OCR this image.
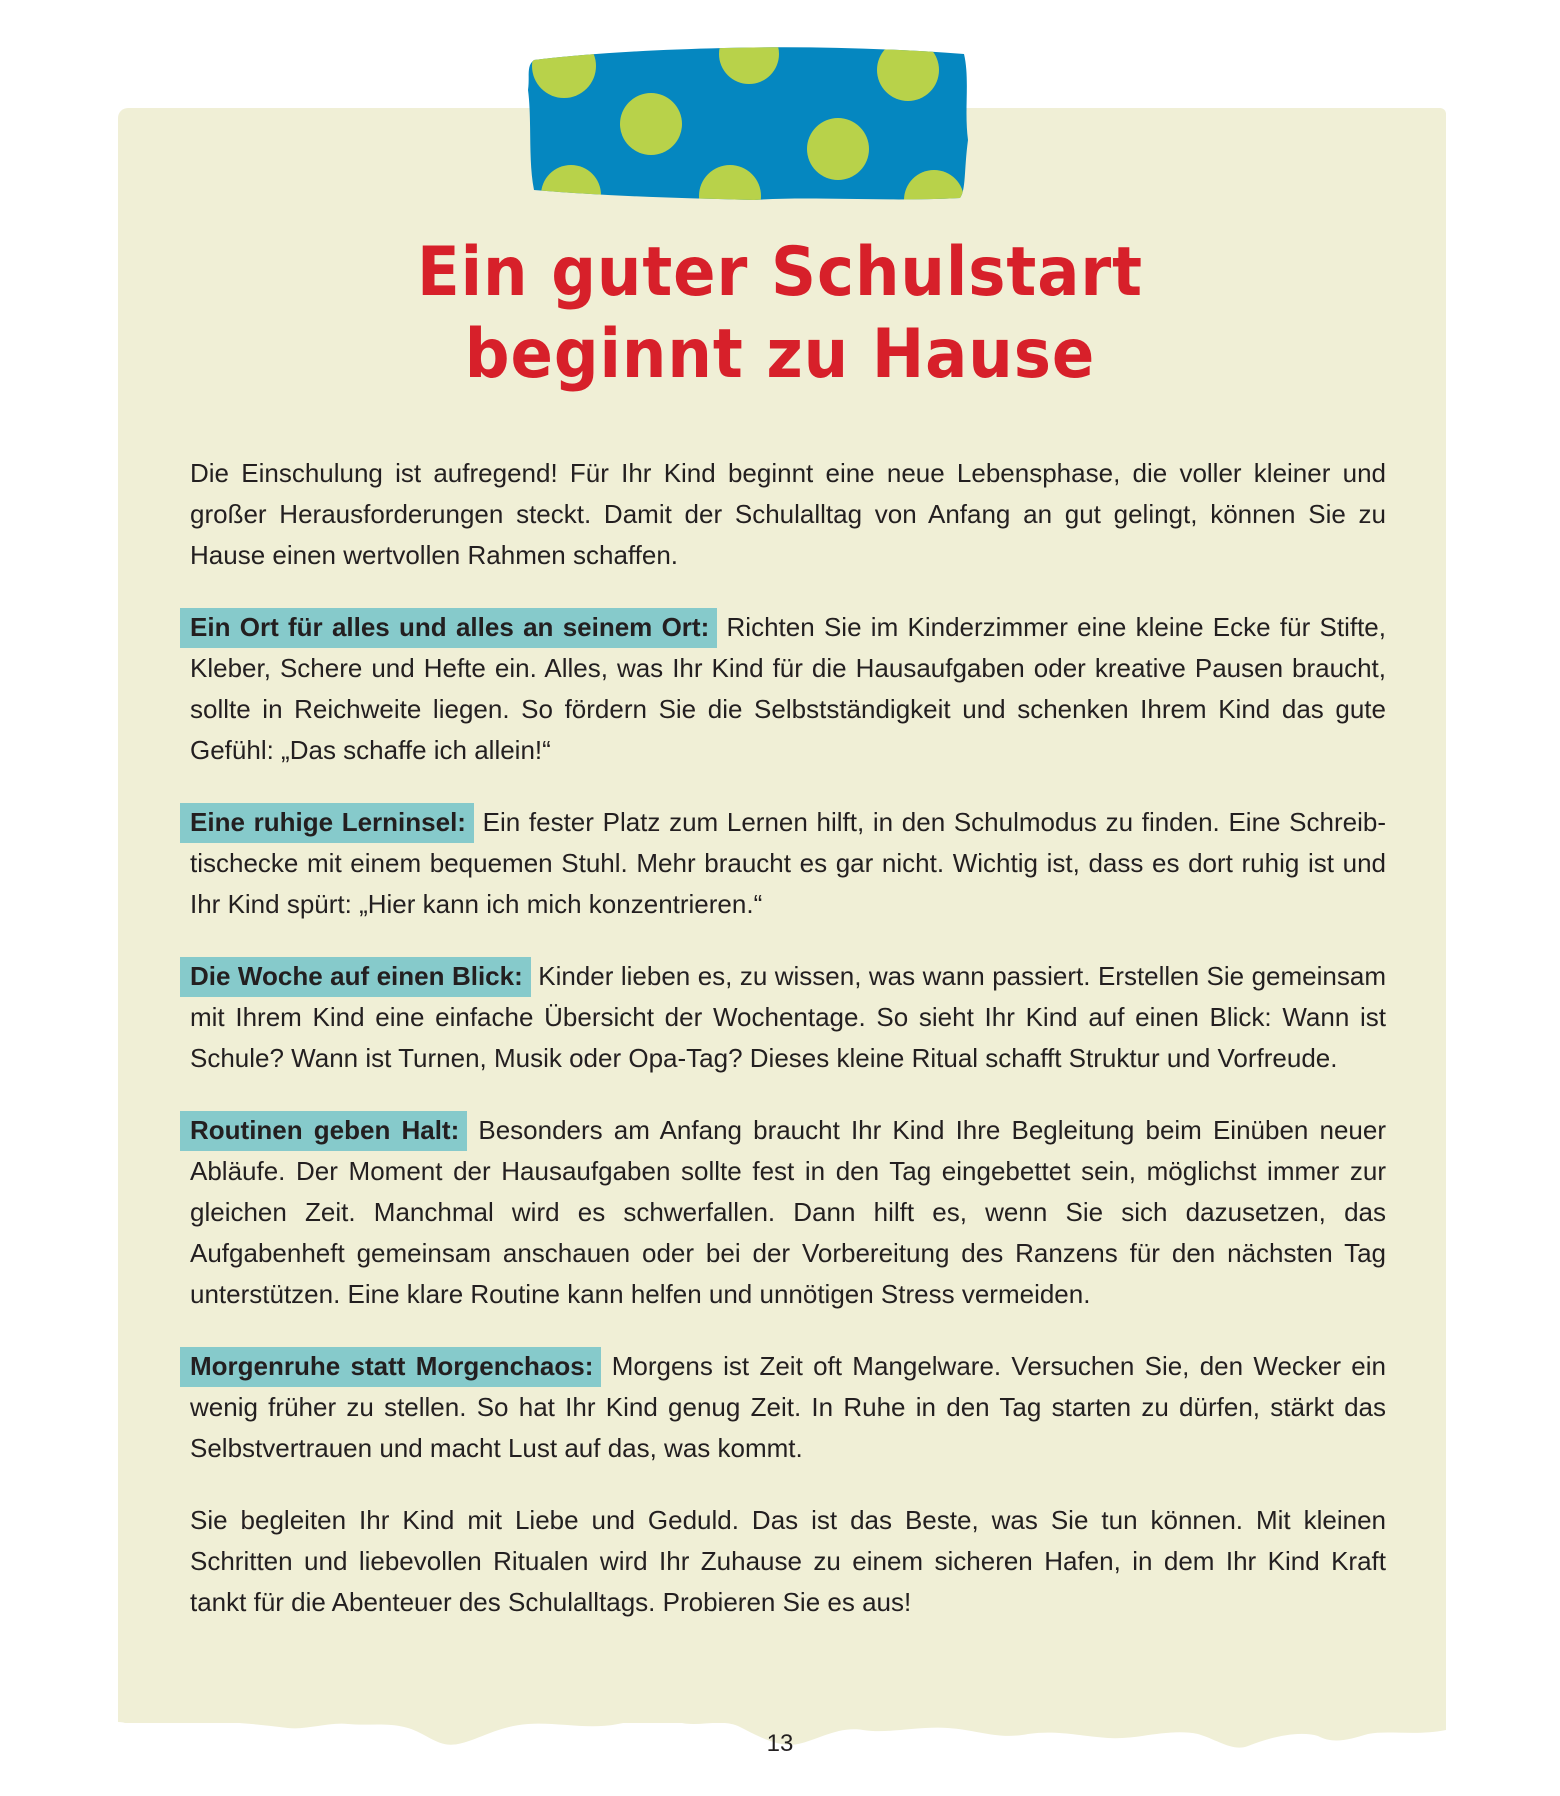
Ein guter Schulstart
beginnt zu Hause

Die Einschulung ist aufregend! Für Ihr Kind beginnt eine neue Lebensphase, die voller kleiner und großer Herausforderungen steckt. Damit der Schulalltag von Anfang an gut gelingt, können Sie zu Hause einen wertvollen Rahmen schaffen.

Ein Ort für alles und alles an seinem Ort: Richten Sie im Kinderzimmer eine kleine Ecke für Stifte, Kleber, Schere und Hefte ein. Alles, was Ihr Kind für die Hausaufgaben oder kreative Pausen braucht, sollte in Reichweite liegen. So fördern Sie die Selbstständigkeit und schenken Ihrem Kind das gute Gefühl: „Das schaffe ich allein!“

Eine ruhige Lerninsel: Ein fester Platz zum Lernen hilft, in den Schulmodus zu finden. Eine Schreibtischecke mit einem bequemen Stuhl. Mehr braucht es gar nicht. Wichtig ist, dass es dort ruhig ist und Ihr Kind spürt: „Hier kann ich mich konzentrieren.“

Die Woche auf einen Blick: Kinder lieben es, zu wissen, was wann passiert. Erstellen Sie gemeinsam mit Ihrem Kind eine einfache Übersicht der Wochentage. So sieht Ihr Kind auf einen Blick: Wann ist Schule? Wann ist Turnen, Musik oder Opa-Tag? Dieses kleine Ritual schafft Struktur und Vorfreude.

Routinen geben Halt: Besonders am Anfang braucht Ihr Kind Ihre Begleitung beim Einüben neuer Abläufe. Der Moment der Hausaufgaben sollte fest in den Tag eingebettet sein, möglichst immer zur gleichen Zeit. Manchmal wird es schwerfallen. Dann hilft es, wenn Sie sich dazusetzen, das Aufgabenheft gemeinsam anschauen oder bei der Vorbereitung des Ranzens für den nächsten Tag unterstützen. Eine klare Routine kann helfen und unnötigen Stress vermeiden.

Morgenruhe statt Morgenchaos: Morgens ist Zeit oft Mangelware. Versuchen Sie, den Wecker ein wenig früher zu stellen. So hat Ihr Kind genug Zeit. In Ruhe in den Tag starten zu dürfen, stärkt das Selbstvertrauen und macht Lust auf das, was kommt.

Sie begleiten Ihr Kind mit Liebe und Geduld. Das ist das Beste, was Sie tun können. Mit kleinen Schritten und liebevollen Ritualen wird Ihr Zuhause zu einem sicheren Hafen, in dem Ihr Kind Kraft tankt für die Abenteuer des Schulalltags. Probieren Sie es aus!

13
